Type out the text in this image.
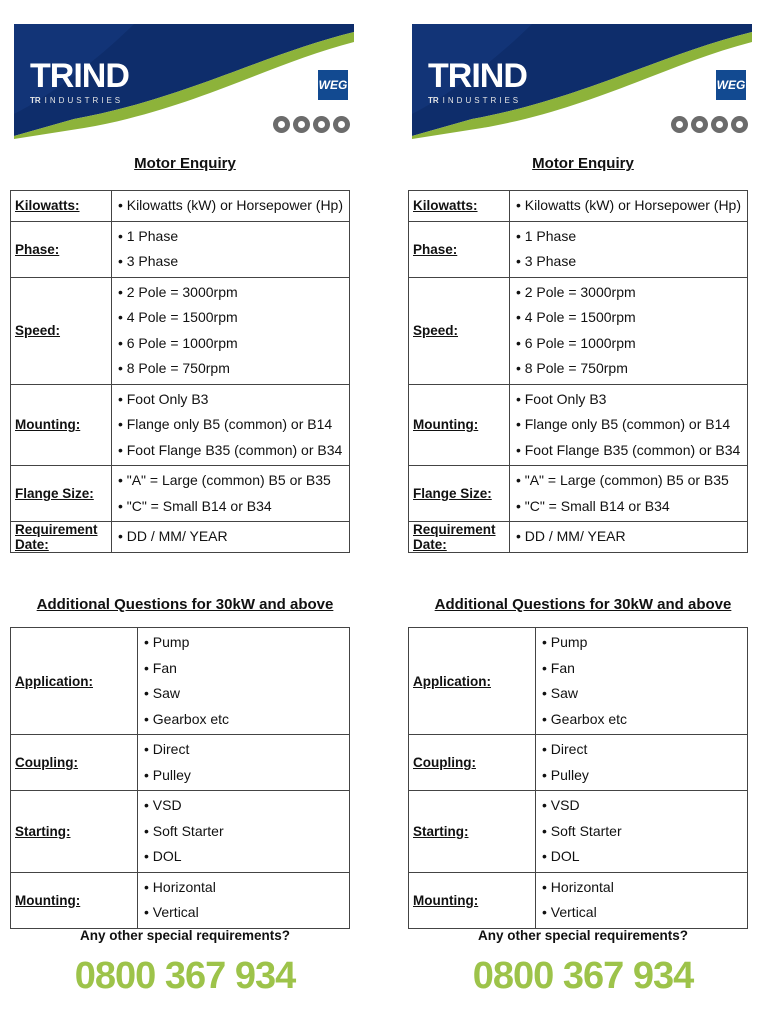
TRIND
TR INDUSTRIES
WEG
Motor Enquiry
Kilowatts:	• Kilowatts (kW) or Horsepower (Hp)

Phase:	• 1 Phase
• 3 Phase

Speed:	• 2 Pole = 3000rpm
• 4 Pole = 1500rpm
• 6 Pole = 1000rpm
• 8 Pole = 750rpm

Mounting:	• Foot Only B3
• Flange only B5 (common) or B14
• Foot Flange B35 (common) or B34

Flange Size:	• "A" = Large (common) B5 or B35
• "C" = Small B14 or B34

Requirement Date:	• DD / MM/ YEAR
Additional Questions for 30kW and above
Application:	• Pump
• Fan
• Saw
• Gearbox etc

Coupling:	• Direct
• Pulley

Starting:	• VSD
• Soft Starter
• DOL

Mounting:	• Horizontal
• Vertical
Any other special requirements?
0800 367 934
TRIND
TR INDUSTRIES
WEG
Motor Enquiry
Kilowatts:	• Kilowatts (kW) or Horsepower (Hp)

Phase:	• 1 Phase
• 3 Phase

Speed:	• 2 Pole = 3000rpm
• 4 Pole = 1500rpm
• 6 Pole = 1000rpm
• 8 Pole = 750rpm

Mounting:	• Foot Only B3
• Flange only B5 (common) or B14
• Foot Flange B35 (common) or B34

Flange Size:	• "A" = Large (common) B5 or B35
• "C" = Small B14 or B34

Requirement Date:	• DD / MM/ YEAR
Additional Questions for 30kW and above
Application:	• Pump
• Fan
• Saw
• Gearbox etc

Coupling:	• Direct
• Pulley

Starting:	• VSD
• Soft Starter
• DOL

Mounting:	• Horizontal
• Vertical
Any other special requirements?
0800 367 934
